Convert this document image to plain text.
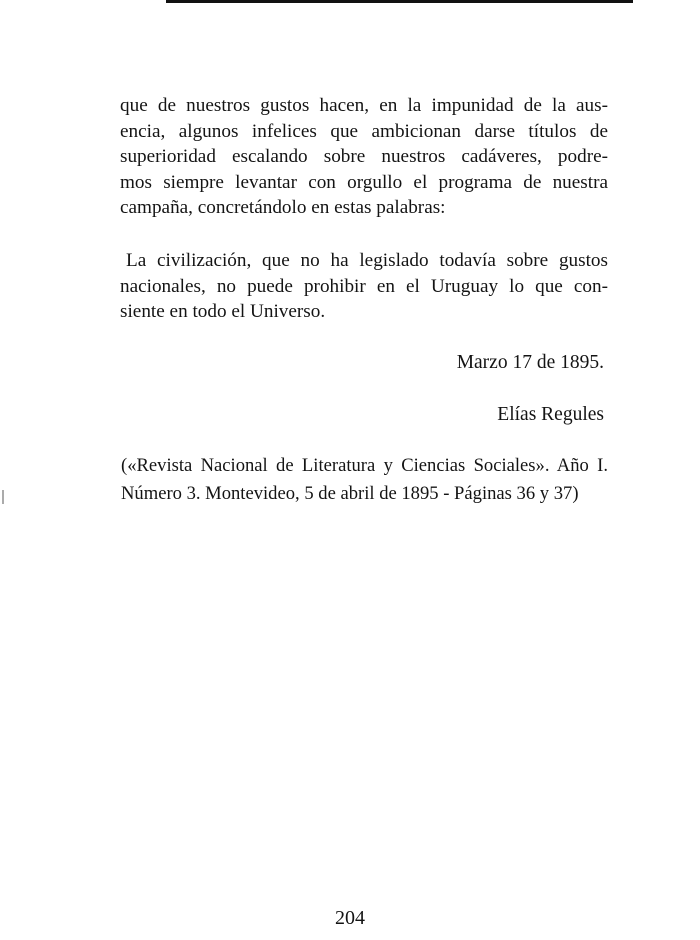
que de nuestros gustos hacen, en la impunidad de la aus-
encia, algunos infelices que ambicionan darse títulos de
superioridad escalando sobre nuestros cadáveres, podre-
mos siempre levantar con orgullo el programa de nuestra
campaña, concretándolo en estas palabras:
La civilización, que no ha legislado todavía sobre gustos
nacionales, no puede prohibir en el Uruguay lo que con-
siente en todo el Universo.
Marzo 17 de 1895.
Elías Regules
(«Revista Nacional de Literatura y Ciencias Sociales». Año I.
Número 3. Montevideo, 5 de abril de 1895 - Páginas 36 y 37)
204
